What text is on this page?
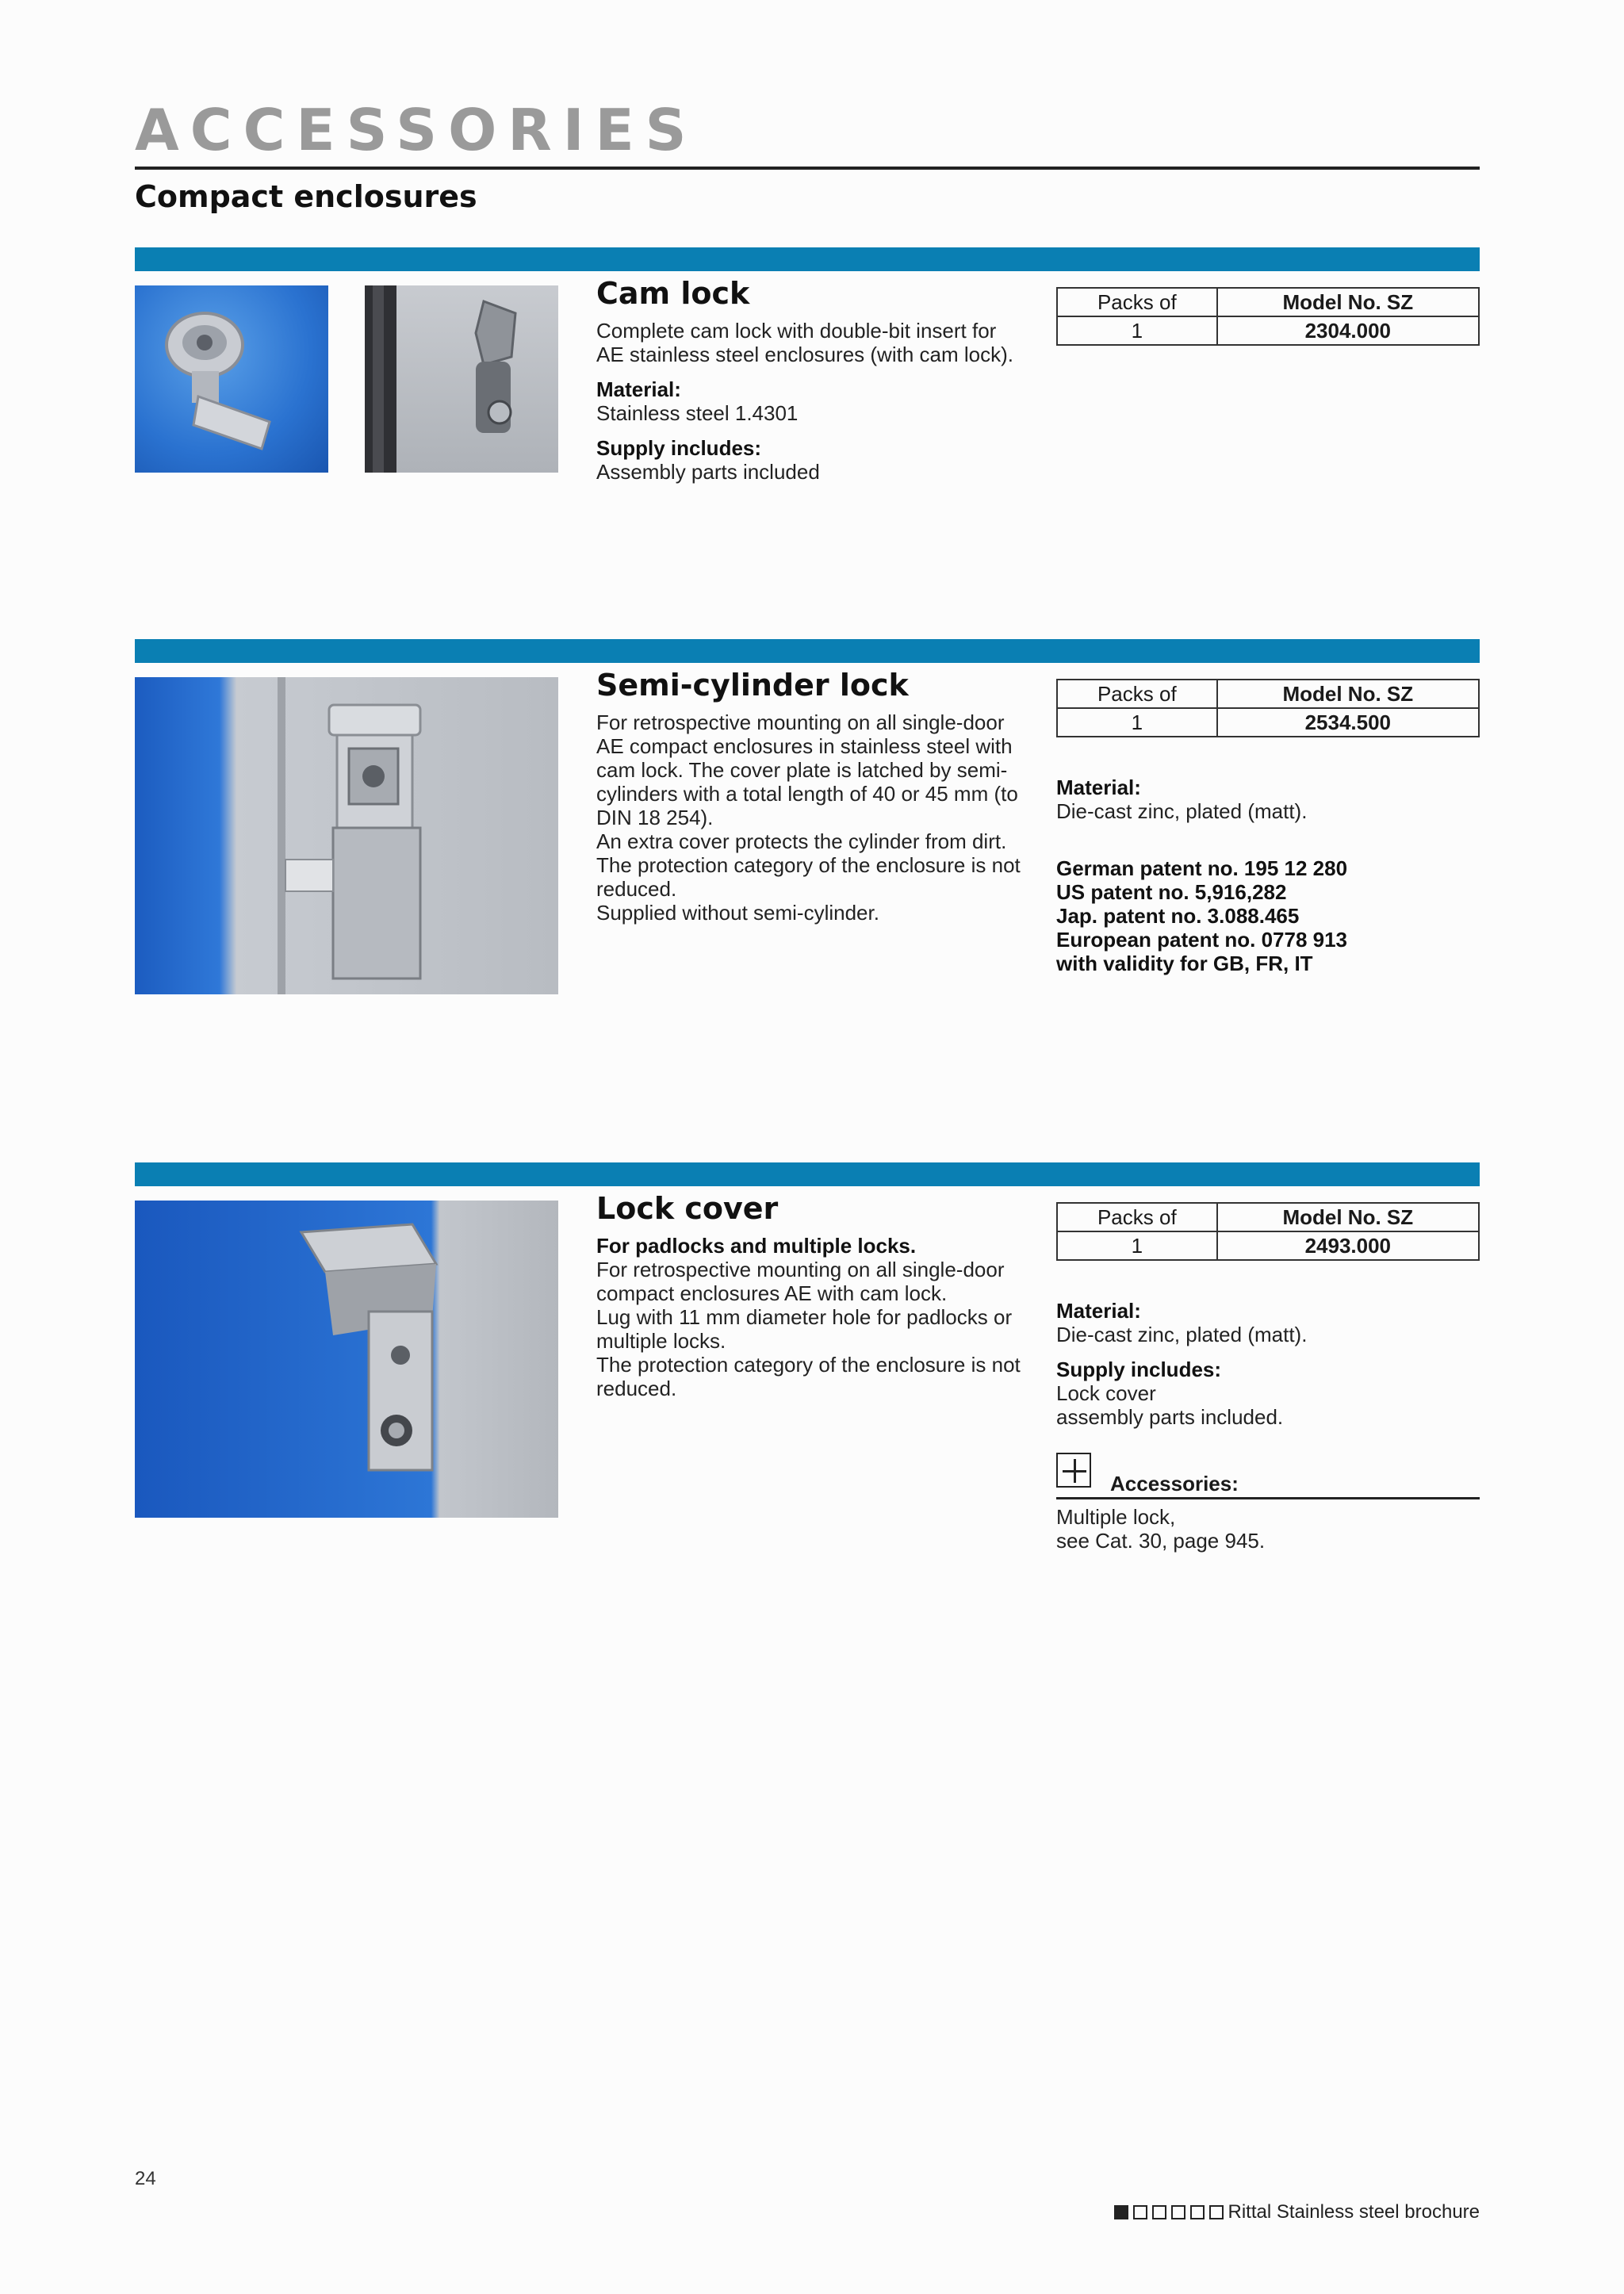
ACCESSORIES
Compact enclosures
Cam lock

Complete cam lock with double-bit insert for AE stainless steel enclosures (with cam lock).

Material:

Stainless steel 1.4301

Supply includes:

Assembly parts included

Packs of	Model No. SZ
1	2304.000
Semi-cylinder lock

For retrospective mounting on all single-door AE compact enclosures in stainless steel with cam lock. The cover plate is latched by semi-cylinders with a total length of 40 or 45 mm (to DIN 18 254).

An extra cover protects the cylinder from dirt.

The protection category of the enclosure is not reduced.

Supplied without semi-cylinder.

Packs of	Model No. SZ
1	2534.500

Material:

Die-cast zinc, plated (matt).

German patent no. 195 12 280

US patent no. 5,916,282

Jap. patent no. 3.088.465

European patent no. 0778 913

with validity for GB, FR, IT

Lock cover

For padlocks and multiple locks.

For retrospective mounting on all single-door compact enclosures AE with cam lock.

Lug with 11 mm diameter hole for padlocks or multiple locks.

The protection category of the enclosure is not reduced.

Packs of	Model No. SZ
1	2493.000

Material:

Die-cast zinc, plated (matt).

Supply includes:

Lock cover

assembly parts included.

Accessories:

Multiple lock,

see Cat. 30, page 945.

24
Rittal Stainless steel brochure
